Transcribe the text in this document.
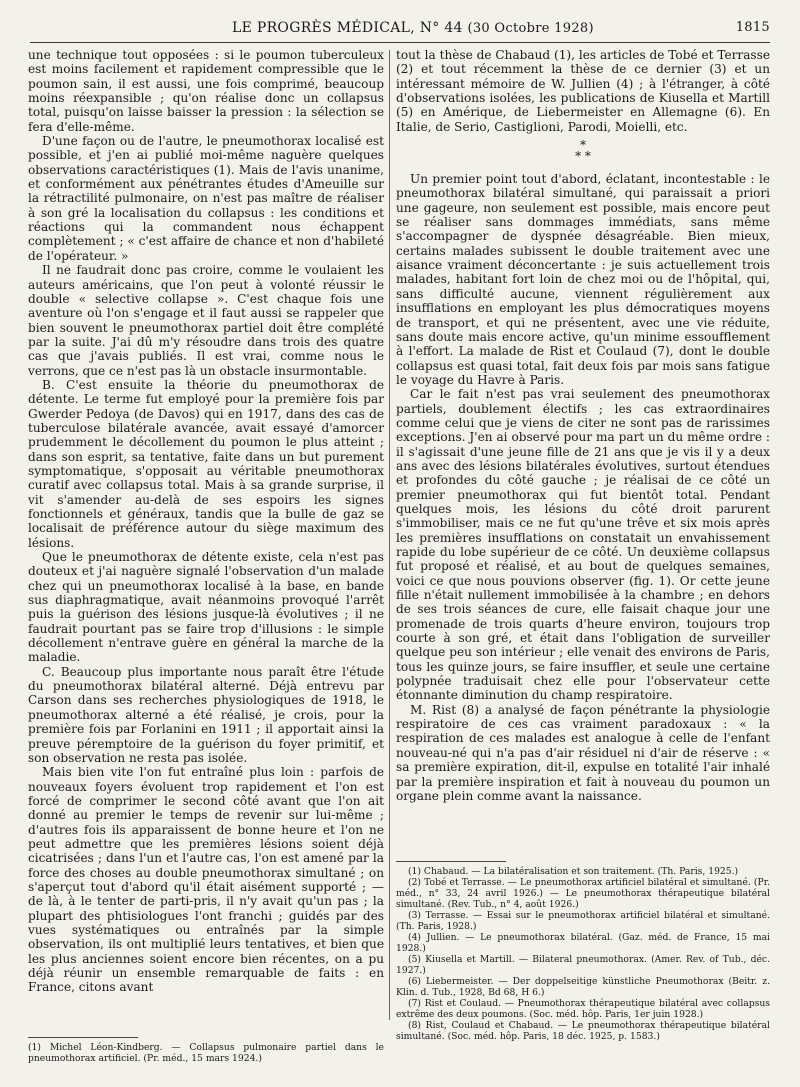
LE PROGRÈS MÉDICAL, N° 44 (30 Octobre 1928)	1815

une technique tout opposées : si le poumon tuberculeux est moins facilement et rapidement compressible que le poumon sain, il est aussi, une fois comprimé, beaucoup moins réexpansible ; qu'on réalise donc un collapsus total, puisqu'on laisse baisser la pression : la sélection se fera d'elle-même.

D'une façon ou de l'autre, le pneumothorax localisé est possible, et j'en ai publié moi-même naguère quelques observations caractéristiques (1). Mais de l'avis unanime, et conformément aux pénétrantes études d'Ameuille sur la rétractilité pulmonaire, on n'est pas maître de réaliser à son gré la localisation du collapsus : les conditions et réactions qui la commandent nous échappent complètement ; « c'est affaire de chance et non d'habileté de l'opérateur. »

Il ne faudrait donc pas croire, comme le voulaient les auteurs américains, que l'on peut à volonté réussir le double « selective collapse ». C'est chaque fois une aventure où l'on s'engage et il faut aussi se rappeler que bien souvent le pneumothorax partiel doit être complété par la suite. J'ai dû m'y résoudre dans trois des quatre cas que j'avais publiés. Il est vrai, comme nous le verrons, que ce n'est pas là un obstacle insurmontable.

B. C'est ensuite la théorie du pneumothorax de détente. Le terme fut employé pour la première fois par Gwerder Pedoya (de Davos) qui en 1917, dans des cas de tuberculose bilatérale avancée, avait essayé d'amorcer prudemment le décollement du poumon le plus atteint ; dans son esprit, sa tentative, faite dans un but purement symptomatique, s'opposait au véritable pneumothorax curatif avec collapsus total. Mais à sa grande surprise, il vit s'amender au-delà de ses espoirs les signes fonctionnels et généraux, tandis que la bulle de gaz se localisait de préférence autour du siège maximum des lésions.

Que le pneumothorax de détente existe, cela n'est pas douteux et j'ai naguère signalé l'observation d'un malade chez qui un pneumothorax localisé à la base, en bande sus diaphragmatique, avait néanmoins provoqué l'arrêt puis la guérison des lésions jusque-là évolutives ; il ne faudrait pourtant pas se faire trop d'illusions : le simple décollement n'entrave guère en général la marche de la maladie.

C. Beaucoup plus importante nous paraît être l'étude du pneumothorax bilatéral alterné. Déjà entrevu par Carson dans ses recherches physiologiques de 1918, le pneumothorax alterné a été réalisé, je crois, pour la première fois par Forlanini en 1911 ; il apportait ainsi la preuve péremptoire de la guérison du foyer primitif, et son observation ne resta pas isolée.

Mais bien vite l'on fut entraîné plus loin : parfois de nouveaux foyers évoluent trop rapidement et l'on est forcé de comprimer le second côté avant que l'on ait donné au premier le temps de revenir sur lui-même ; d'autres fois ils apparaissent de bonne heure et l'on ne peut admettre que les premières lésions soient déjà cicatrisées ; dans l'un et l'autre cas, l'on est amené par la force des choses au double pneumothorax simultané ; on s'aperçut tout d'abord qu'il était aisément supporté ; — de là, à le tenter de parti-pris, il n'y avait qu'un pas ; la plupart des phtisiologues l'ont franchi ; guidés par des vues systématiques ou entraînés par la simple observation, ils ont multiplié leurs tentatives, et bien que les plus anciennes soient encore bien récentes, on a pu déjà réunir un ensemble remarquable de faits : en France, citons avant

tout la thèse de Chabaud (1), les articles de Tobé et Terrasse (2) et tout récemment la thèse de ce dernier (3) et un intéressant mémoire de W. Jullien (4) ; à l'étranger, à côté d'observations isolées, les publications de Kiusella et Martill (5) en Amérique, de Liebermeister en Allemagne (6). En Italie, de Serio, Castiglioni, Parodi, Moielli, etc.

*
* *

Un premier point tout d'abord, éclatant, incontestable : le pneumothorax bilatéral simultané, qui paraissait a priori une gageure, non seulement est possible, mais encore peut se réaliser sans dommages immédiats, sans même s'accompagner de dyspnée désagréable. Bien mieux, certains malades subissent le double traitement avec une aisance vraiment déconcertante : je suis actuellement trois malades, habitant fort loin de chez moi ou de l'hôpital, qui, sans difficulté aucune, viennent régulièrement aux insufflations en employant les plus démocratiques moyens de transport, et qui ne présentent, avec une vie réduite, sans doute mais encore active, qu'un minime essoufflement à l'effort. La malade de Rist et Coulaud (7), dont le double collapsus est quasi total, fait deux fois par mois sans fatigue le voyage du Havre à Paris.

Car le fait n'est pas vrai seulement des pneumothorax partiels, doublement électifs ; les cas extraordinaires comme celui que je viens de citer ne sont pas de rarissimes exceptions. J'en ai observé pour ma part un du même ordre : il s'agissait d'une jeune fille de 21 ans que je vis il y a deux ans avec des lésions bilatérales évolutives, surtout étendues et profondes du côté gauche ; je réalisai de ce côté un premier pneumothorax qui fut bientôt total. Pendant quelques mois, les lésions du côté droit parurent s'immobiliser, mais ce ne fut qu'une trêve et six mois après les premières insufflations on constatait un envahissement rapide du lobe supérieur de ce côté. Un deuxième collapsus fut proposé et réalisé, et au bout de quelques semaines, voici ce que nous pouvions observer (fig. 1). Or cette jeune fille n'était nullement immobilisée à la chambre ; en dehors de ses trois séances de cure, elle faisait chaque jour une promenade de trois quarts d'heure environ, toujours trop courte à son gré, et était dans l'obligation de surveiller quelque peu son intérieur ; elle venait des environs de Paris, tous les quinze jours, se faire insuffler, et seule une certaine polypnée traduisait chez elle pour l'observateur cette étonnante diminution du champ respiratoire.

M. Rist (8) a analysé de façon pénétrante la physiologie respiratoire de ces cas vraiment paradoxaux : « la respiration de ces malades est analogue à celle de l'enfant nouveau-né qui n'a pas d'air résiduel ni d'air de réserve : « sa première expiration, dit-il, expulse en totalité l'air inhalé par la première inspiration et fait à nouveau du poumon un organe plein comme avant la naissance.

(1) Michel Léon-Kindberg. — Collapsus pulmonaire partiel dans le pneumothorax artificiel. (Pr. méd., 15 mars 1924.)

(1) Chabaud. — La bilatéralisation et son traitement. (Th. Paris, 1925.)

(2) Tobé et Terrasse. — Le pneumothorax artificiel bilatéral et simultané. (Pr. méd., n° 33, 24 avril 1926.) — Le pneumothorax thérapeutique bilatéral simultané. (Rev. Tub., n° 4, août 1926.)

(3) Terrasse. — Essai sur le pneumothorax artificiel bilatéral et simultané. (Th. Paris, 1928.)

(4) Jullien. — Le pneumothorax bilatéral. (Gaz. méd. de France, 15 mai 1928.)

(5) Kiusella et Martill. — Bilateral pneumothorax. (Amer. Rev. of Tub., déc. 1927.)

(6) Liebermeister. — Der doppelseitige künstliche Pneumothorax (Beitr. z. Klin. d. Tub., 1928, Bd 68, H 6.)

(7) Rist et Coulaud. — Pneumothorax thérapeutique bilatéral avec collapsus extrême des deux poumons. (Soc. méd. hôp. Paris, 1er juin 1928.)

(8) Rist, Coulaud et Chabaud. — Le pneumothorax thérapeutique bilatéral simultané. (Soc. méd. hôp. Paris, 18 déc. 1925, p. 1583.)
